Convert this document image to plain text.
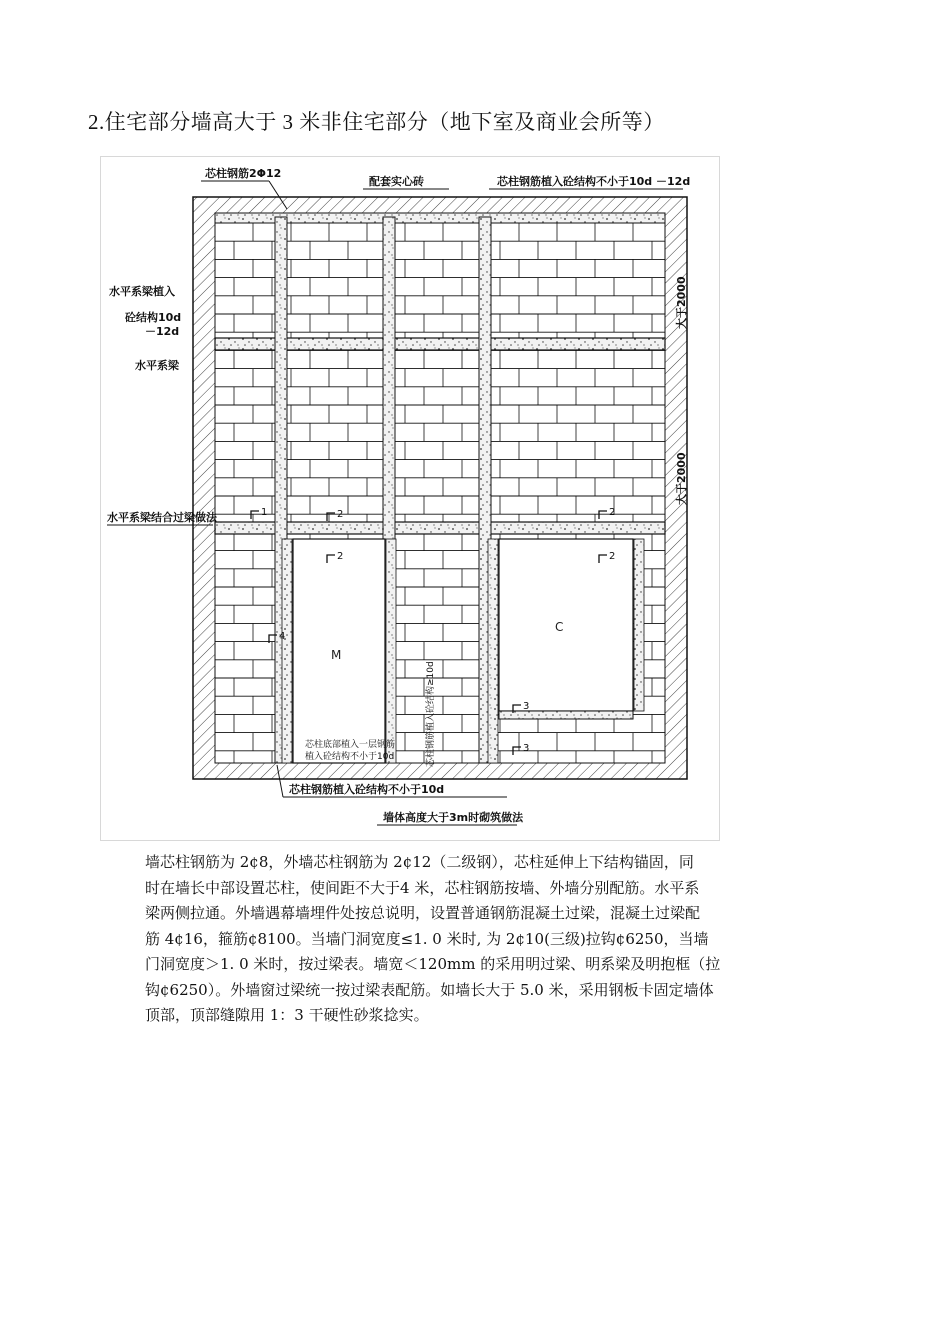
2.住宅部分墙高大于 3 米非住宅部分（地下室及商业会所等）
1	2
2
2
2
3
3
4
芯柱钢筋2Φ12
配套实心砖	芯柱钢筋植入砼结构不小于10d －12d
水平系梁植入
砼结构10d
－12d
水平系梁
水平系梁结合过梁做法
大于2000
大于2000
芯柱钢筋植入砼结构≥10d
芯柱底部植入一层钢筋
植入砼结构不小于10d
芯柱钢筋植入砼结构不小于10d
M
C
墙体高度大于3m时砌筑做法
墙芯柱钢筋为 2¢8，外墙芯柱钢筋为 2¢12（二级钢），芯柱延伸上下结构锚固，同
时在墙长中部设置芯柱，使间距不大于4 米，芯柱钢筋按墙、外墙分别配筋。水平系
梁两侧拉通。外墙遇幕墙埋件处按总说明，设置普通钢筋混凝土过梁，混凝土过梁配
筋 4¢16，箍筋¢8100。当墙门洞宽度≤1. 0 米时, 为 2¢10(三级)拉钩¢6250，当墙
门洞宽度＞1. 0 米时，按过梁表。墙宽＜120mm 的采用明过梁、明系梁及明抱框（拉
钩¢6250）。外墙窗过梁统一按过梁表配筋。如墙长大于 5.0 米，采用钢板卡固定墙体
顶部，顶部缝隙用 1：3 干硬性砂浆捻实。
